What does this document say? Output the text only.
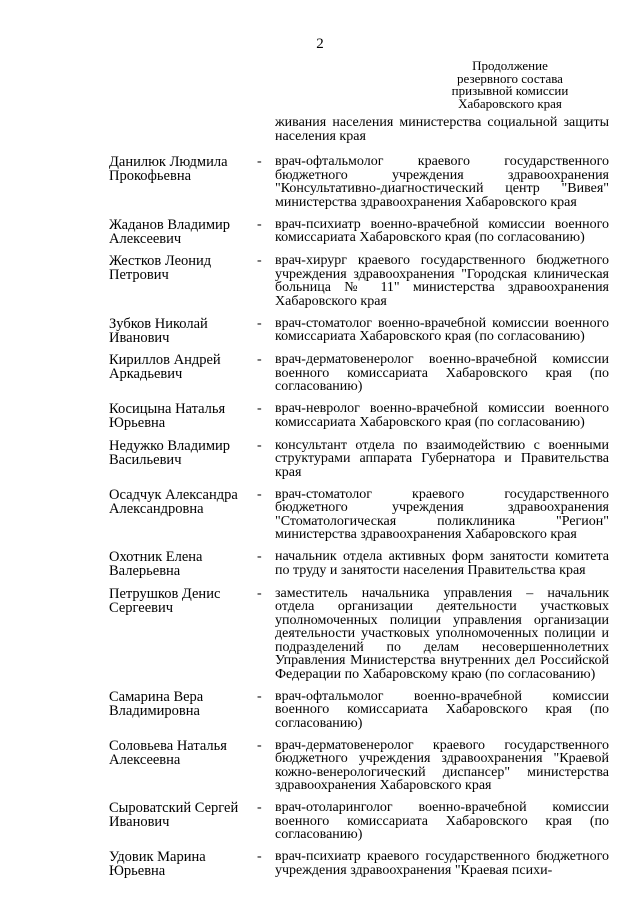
2
Продолжение
резервного состава
призывной комиссии
Хабаровского края
живания населения министерства социальной защиты населения края
Данилюк Людмила Прокофьевна
- врач-офтальмолог краевого государственного бюджетного учреждения здравоохранения "Консультативно-диагностический центр "Вивея" министерства здравоохранения Хабаровского края
Жаданов Владимир Алексеевич
- врач-психиатр военно-врачебной комиссии военного комиссариата Хабаровского края (по согласованию)
Жестков Леонид Петрович
- врач-хирург краевого государственного бюджетного учреждения здравоохранения "Городская клиническая больница № 11" министерства здравоохранения Хабаровского края
Зубков Николай Иванович
- врач-стоматолог военно-врачебной комиссии военного комиссариата Хабаровского края (по согласованию)
Кириллов Андрей Аркадьевич
- врач-дерматовенеролог военно-врачебной комиссии военного комиссариата Хабаровского края (по согласованию)
Косицына Наталья Юрьевна
- врач-невролог военно-врачебной комиссии военного комиссариата Хабаровского края (по согласованию)
Недужко Владимир Васильевич
- консультант отдела по взаимодействию с военными структурами аппарата Губернатора и Правительства края
Осадчук Александра Александровна
- врач-стоматолог краевого государственного бюджетного учреждения здравоохранения "Стоматологическая поликлиника "Регион" министерства здравоохранения Хабаровского края
Охотник Елена Валерьевна
- начальник отдела активных форм занятости комитета по труду и занятости населения Правительства края
Петрушков Денис Сергеевич
- заместитель начальника управления – начальник отдела организации деятельности участковых уполномоченных полиции управления организации деятельности участковых уполномоченных полиции и подразделений по делам несовершеннолетних Управления Министерства внутренних дел Российской Федерации по Хабаровскому краю (по согласованию)
Самарина Вера Владимировна
- врач-офтальмолог военно-врачебной комиссии военного комиссариата Хабаровского края (по согласованию)
Соловьева Наталья Алексеевна
- врач-дерматовенеролог краевого государственного бюджетного учреждения здравоохранения "Краевой кожно-венерологический диспансер" министерства здравоохранения Хабаровского края
Сыроватский Сергей Иванович
- врач-отоларинголог военно-врачебной комиссии военного комиссариата Хабаровского края (по согласованию)
Удовик Марина Юрьевна
- врач-психиатр краевого государственного бюджетного учреждения здравоохранения "Краевая психи-
